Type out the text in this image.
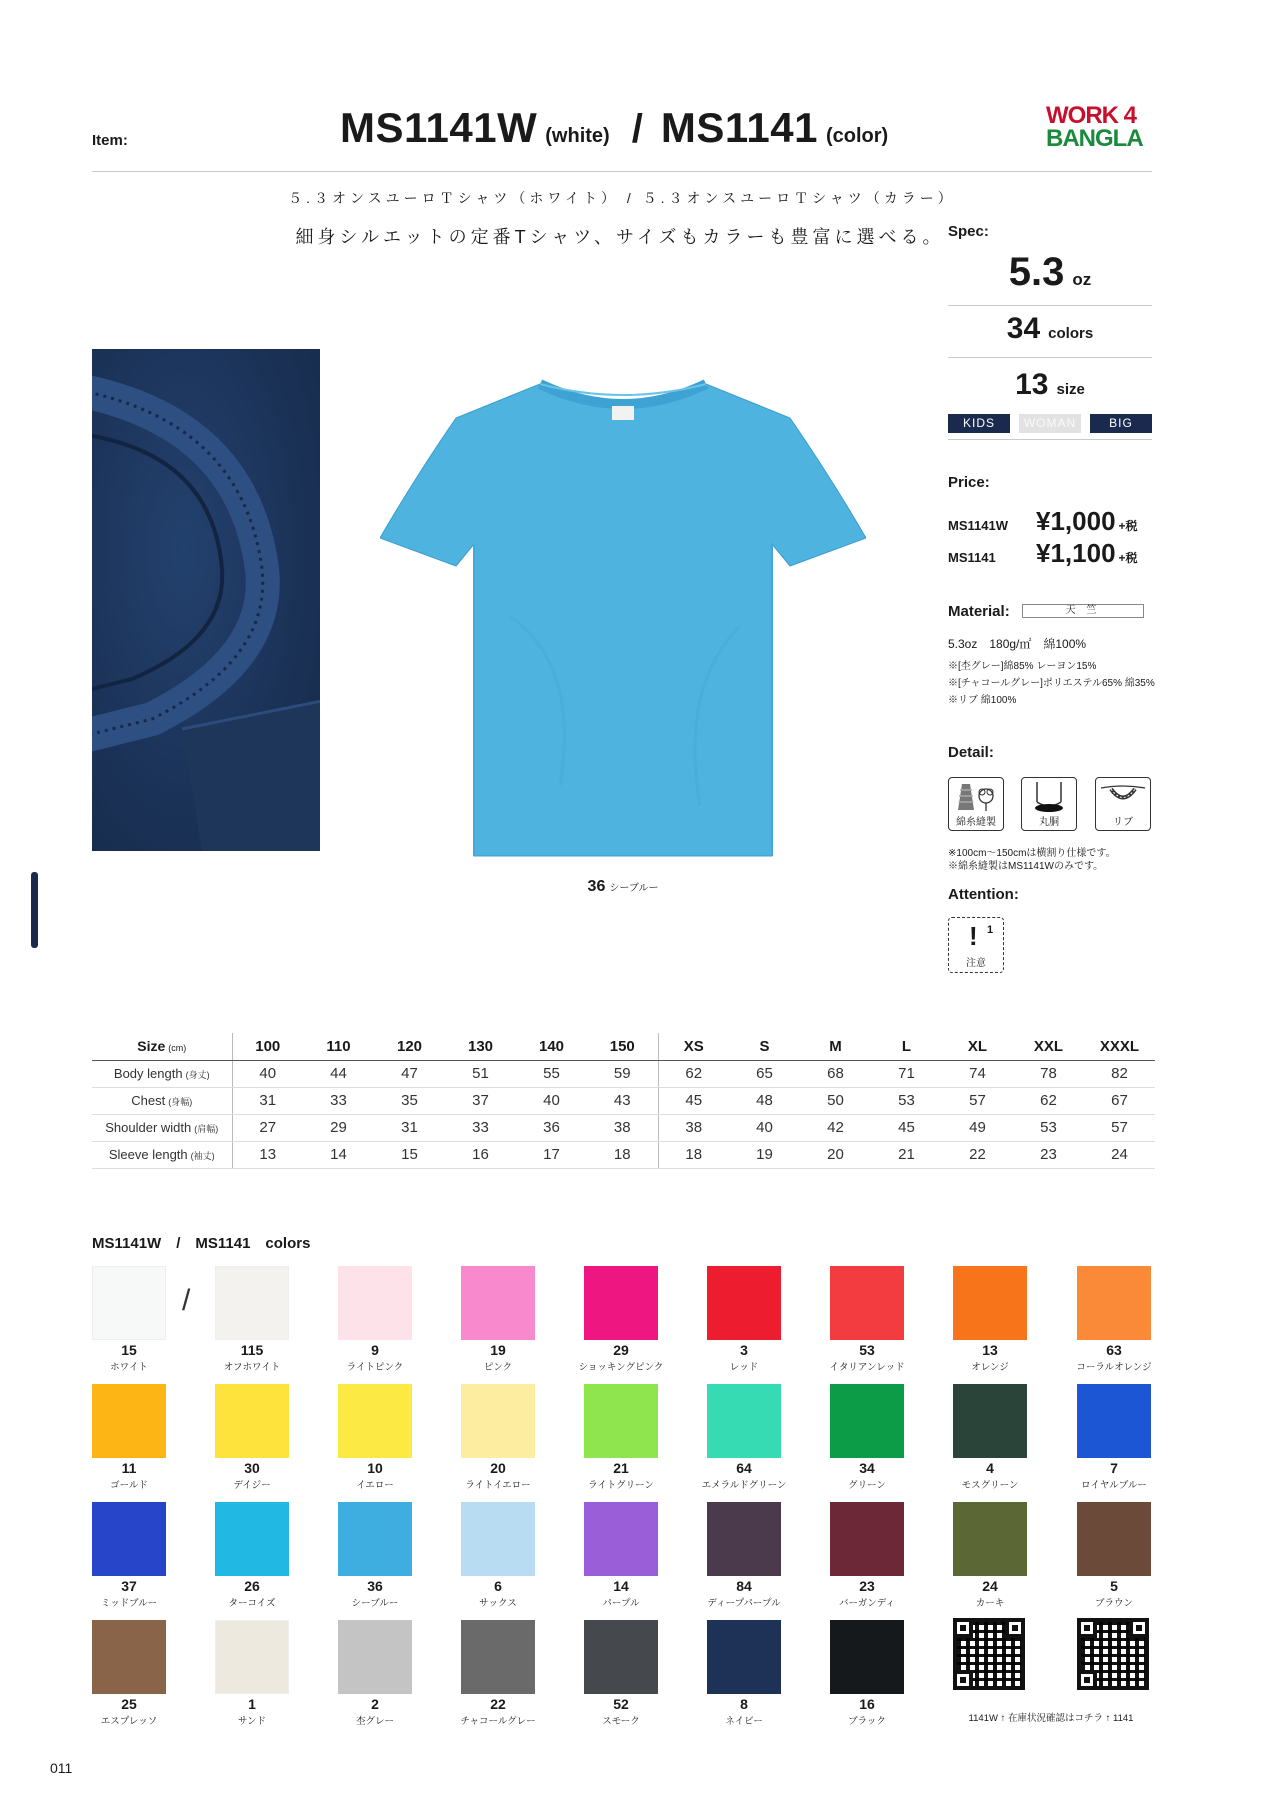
Item:	MS1141W (white) / MS1141 (color)
WORK 4
BANGLA
５.３オンスユーロＴシャツ（ホワイト） / ５.３オンスユーロＴシャツ（カラー）
細身シルエットの定番Tシャツ、サイズもカラーも豊富に選べる。 Spec:
5.3 oz
34 colors
13 size
KIDS	WOMAN	BIG
Price:
MS1141W	¥1,000 +税
MS1141	¥1,100 +税
Material:	天 竺
5.3oz　180g/㎡　綿100%
※[杢グレー]綿85% レーヨン15%
※[チャコールグレー]ポリエステル65% 綿35%
※リブ 綿100%
Detail:
綿糸縫製	丸胴	リブ
※100cm〜150cmは横割り仕様です。
※綿糸縫製はMS1141Wのみです。
Attention:
! 1
注意
36 シーブルー
Size (cm)	100	110	120	130	140	150	XS	S	M	L	XL	XXL	XXXL
Body length (身丈)	40	44	47	51	55	59	62	65	68	71	74	78	82
Chest (身幅)	31	33	35	37	40	43	45	48	50	53	57	62	67
Shoulder width (肩幅)	27	29	31	33	36	38	38	40	42	45	49	53	57
Sleeve length (袖丈)	13	14	15	16	17	18	18	19	20	21	22	23	24
MS1141W　/　MS1141　colors
/
15
ホワイト
115
オフホワイト
9
ライトピンク
19
ピンク
29
ショッキングピンク
3
レッド
53
イタリアンレッド
13
オレンジ
63
コーラルオレンジ
11
ゴールド
30
デイジー
10
イエロー
20
ライトイエロー
21
ライトグリーン
64
エメラルドグリーン
34
グリーン
4
モスグリーン
7
ロイヤルブルー
37
ミッドブルー
26
ターコイズ
36
シーブルー
6
サックス
14
パープル
84
ディープパープル
23
バーガンディ
24
カーキ
5
ブラウン
25
エスプレッソ
1
サンド
2
杢グレー
22
チャコールグレー
52
スモーク
8
ネイビー
16
ブラック	1141W ↑ 在庫状況確認はコチラ ↑ 1141
011
